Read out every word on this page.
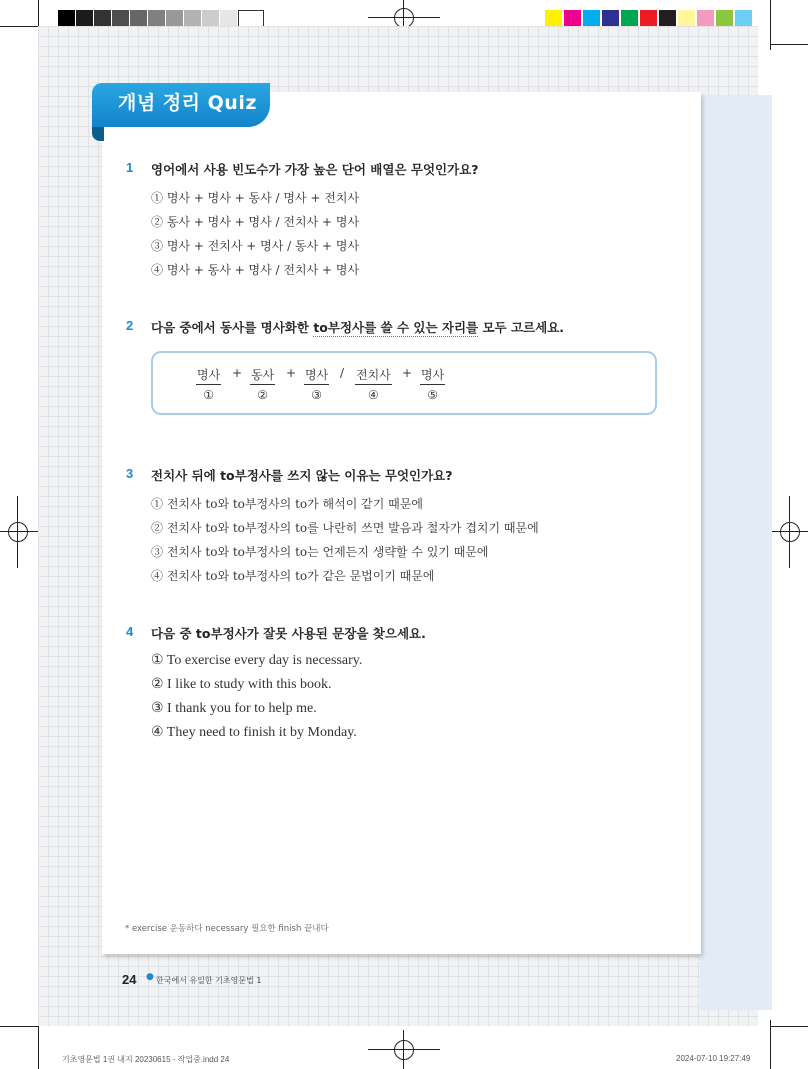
개념 정리 Quiz
1 영어에서 사용 빈도수가 가장 높은 단어 배열은 무엇인가요?
① 명사 + 명사 + 동사 / 명사 + 전치사
② 동사 + 명사 + 명사 / 전치사 + 명사
③ 명사 + 전치사 + 명사 / 동사 + 명사
④ 명사 + 동사 + 명사 / 전치사 + 명사
2 다음 중에서 동사를 명사화한 to부정사를 쓸 수 있는 자리를 모두 고르세요.
명사
①
+ 동사
②
+ 명사
③
/ 전치사
④
+ 명사
⑤
3 전치사 뒤에 to부정사를 쓰지 않는 이유는 무엇인가요?
① 전치사 to와 to부정사의 to가 해석이 같기 때문에
② 전치사 to와 to부정사의 to를 나란히 쓰면 발음과 철자가 겹치기 때문에
③ 전치사 to와 to부정사의 to는 언제든지 생략할 수 있기 때문에
④ 전치사 to와 to부정사의 to가 같은 문법이기 때문에
4 다음 중 to부정사가 잘못 사용된 문장을 찾으세요.
① To exercise every day is necessary.
② I like to study with this book.
③ I thank you for to help me.
④ They need to finish it by Monday.
* exercise 운동하다 necessary 필요한 finish 끝내다
24 ● 한국에서 유일한 기초영문법 1
기초영문법 1권 내지 20230615 - 작업중.indd 24	2024-07-10 19:27:49
